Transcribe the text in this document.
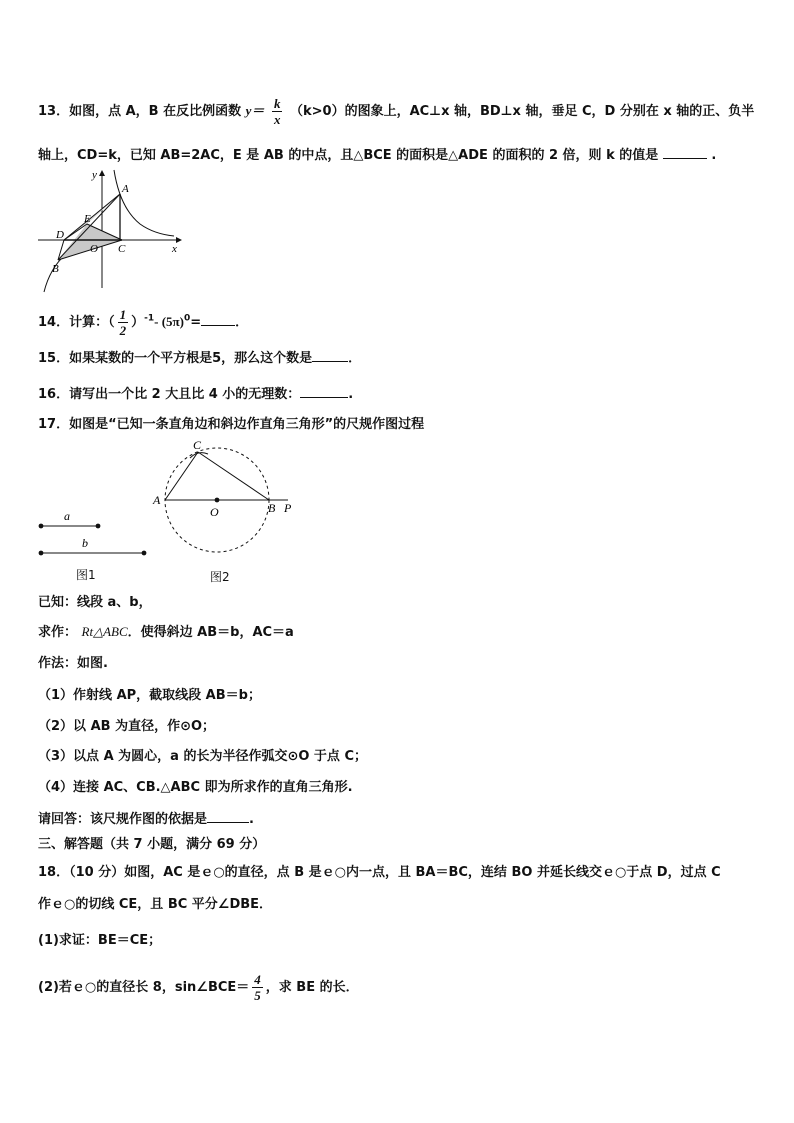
13．如图，点 A，B 在反比例函数 $y= \frac{k}{x} (k>0)$的图象上，AC⊥x 轴，BD⊥x 轴，垂足 C，D 分别在 x 轴的正、负半
轴上，CD=k，已知 AB=2AC，E 是 AB 的中点，且△BCE 的面积是△ADE 的面积的 2 倍，则 k 的值是	.
y
x
A
B
C
D
E
O
14．计算：（ $\frac{1}{2} )^{-1}-$ $(5\pi)^0=$	．
15．如果某数的一个平方根是5，那么这个数是	．
16．请写出一个比 2 大且比 4 小的无理数：	.
17．如图是“已知一条直角边和斜边作直角三角形”的尺规作图过程
a
b
图1
C
A
O	B P
图2
已知：线段 a、b，
求作： Rt△ABC．使得斜边 AB＝b，AC＝a
作法：如图.
（1）作射线 AP，截取线段 AB＝b；
（2）以 AB 为直径，作⊙O；
（3）以点 A 为圆心，a 的长为半径作弧交⊙O 于点 C；
（4）连接 AC、CB.△ABC 即为所求作的直角三角形.
请回答：该尺规作图的依据是	.
三、解答题（共 7 小题，满分 69 分）
18．（10 分）如图，AC 是ｅ○的直径，点 B 是ｅ○内一点，且 BA＝BC，连结 BO 并延长线交ｅ○于点 D，过点 C
作ｅ○的切线 CE，且 BC 平分∠DBE．
(1)求证：BE＝CE；
(2)若ｅ○的直径长 8，sin∠BCE＝ $\frac{4}{5}$ ，求 BE 的长．
